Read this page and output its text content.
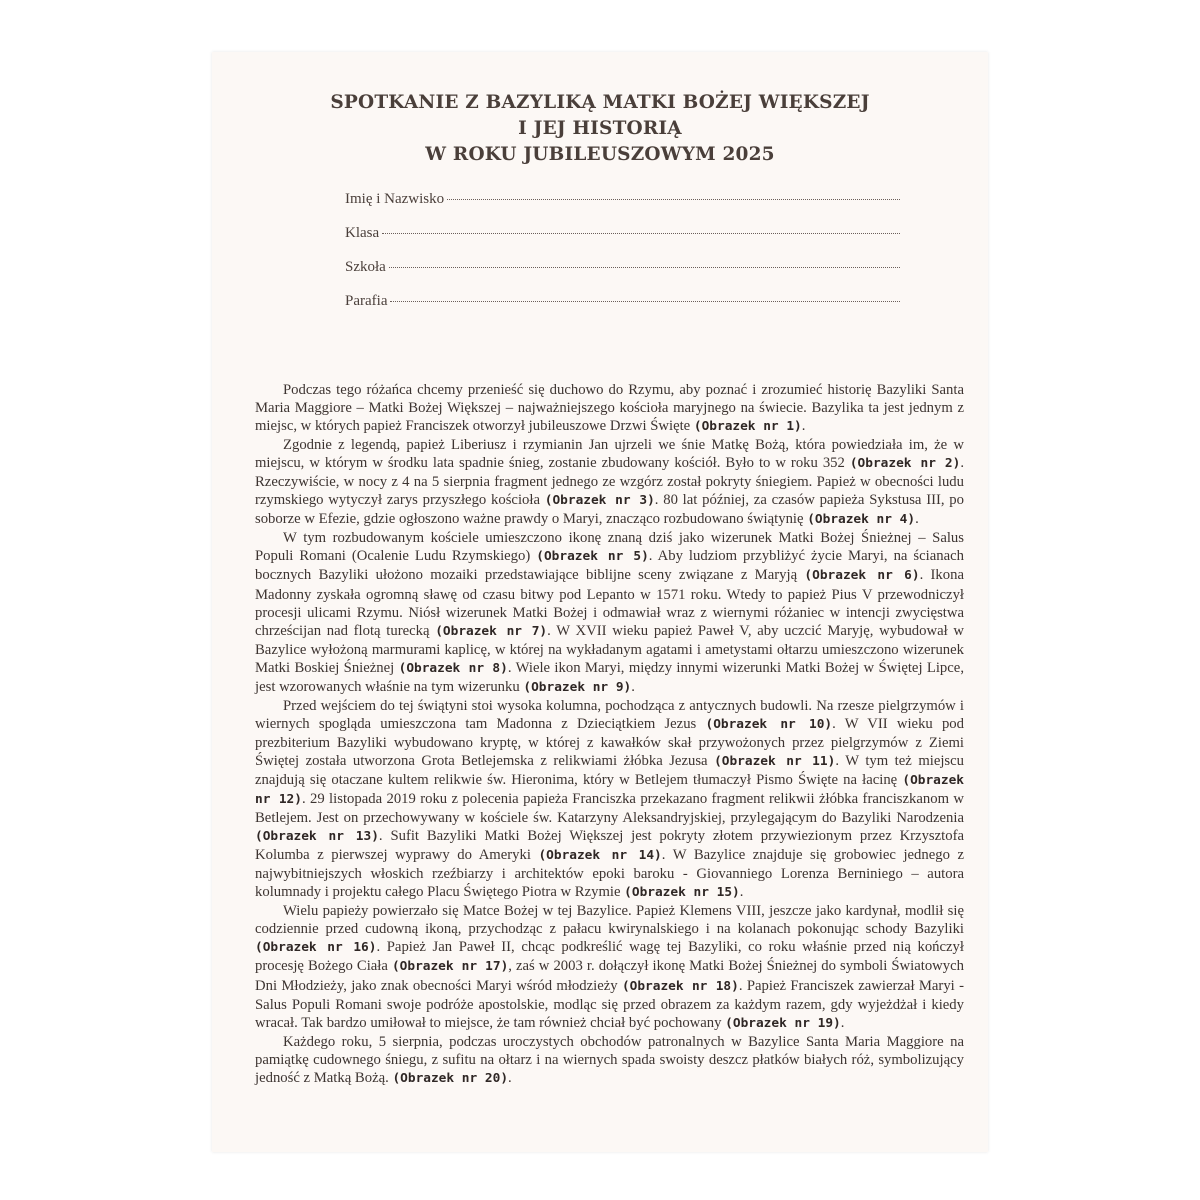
SPOTKANIE Z BAZYLIKĄ MATKI BOŻEJ WIĘKSZEJ
I JEJ HISTORIĄ
W ROKU JUBILEUSZOWYM 2025
Imię i Nazwisko
Klasa
Szkoła
Parafia

Podczas tego różańca chcemy przenieść się duchowo do Rzymu, aby poznać i zrozumieć historię Bazyliki Santa Maria Maggiore – Matki Bożej Większej – najważniejszego kościoła maryjnego na świecie. Bazylika ta jest jednym z miejsc, w których papież Franciszek otworzył jubileuszowe Drzwi Święte (Obrazek nr 1).

Zgodnie z legendą, papież Liberiusz i rzymianin Jan ujrzeli we śnie Matkę Bożą, która powiedziała im, że w miejscu, w którym w środku lata spadnie śnieg, zostanie zbudowany kościół. Było to w roku 352 (Obrazek nr 2). Rzeczywiście, w nocy z 4 na 5 sierpnia fragment jednego ze wzgórz został pokryty śniegiem. Papież w obecności ludu rzymskiego wytyczył zarys przyszłego kościoła (Obrazek nr 3). 80 lat później, za czasów papieża Sykstusa III, po soborze w Efezie, gdzie ogłoszono ważne prawdy o Maryi, znacząco rozbudowano świątynię (Obrazek nr 4).

W tym rozbudowanym kościele umieszczono ikonę znaną dziś jako wizerunek Matki Bożej Śnieżnej – Salus Populi Romani (Ocalenie Ludu Rzymskiego) (Obrazek nr 5). Aby ludziom przybliżyć życie Maryi, na ścianach bocznych Bazyliki ułożono mozaiki przedstawiające biblijne sceny związane z Maryją (Obrazek nr 6). Ikona Madonny zyskała ogromną sławę od czasu bitwy pod Lepanto w 1571 roku. Wtedy to papież Pius V przewodniczył procesji ulicami Rzymu. Niósł wizerunek Matki Bożej i odmawiał wraz z wiernymi różaniec w intencji zwycięstwa chrześcijan nad flotą turecką (Obrazek nr 7). W XVII wieku papież Paweł V, aby uczcić Maryję, wybudował w Bazylice wyłożoną marmurami kaplicę, w której na wykładanym agatami i ametystami ołtarzu umieszczono wizerunek Matki Boskiej Śnieżnej (Obrazek nr 8). Wiele ikon Maryi, między innymi wizerunki Matki Bożej w Świętej Lipce, jest wzorowanych właśnie na tym wizerunku (Obrazek nr 9).

Przed wejściem do tej świątyni stoi wysoka kolumna, pochodząca z antycznych budowli. Na rzesze pielgrzymów i wiernych spogląda umieszczona tam Madonna z Dzieciątkiem Jezus (Obrazek nr 10). W VII wieku pod prezbiterium Bazyliki wybudowano kryptę, w której z kawałków skał przywożonych przez pielgrzymów z Ziemi Świętej została utworzona Grota Betlejemska z relikwiami żłóbka Jezusa (Obrazek nr 11). W tym też miejscu znajdują się otaczane kultem relikwie św. Hieronima, który w Betlejem tłumaczył Pismo Święte na łacinę (Obrazek nr 12). 29 listopada 2019 roku z polecenia papieża Franciszka przekazano fragment relikwii żłóbka franciszkanom w Betlejem. Jest on przechowywany w kościele św. Katarzyny Aleksandryjskiej, przylegającym do Bazyliki Narodzenia (Obrazek nr 13). Sufit Bazyliki Matki Bożej Większej jest pokryty złotem przywiezionym przez Krzysztofa Kolumba z pierwszej wyprawy do Ameryki (Obrazek nr 14). W Bazylice znajduje się grobowiec jednego z najwybitniejszych włoskich rzeźbiarzy i architektów epoki baroku - Giovanniego Lorenza Berniniego – autora kolumnady i projektu całego Placu Świętego Piotra w Rzymie (Obrazek nr 15).

Wielu papieży powierzało się Matce Bożej w tej Bazylice. Papież Klemens VIII, jeszcze jako kardynał, modlił się codziennie przed cudowną ikoną, przychodząc z pałacu kwirynalskiego i na kolanach pokonując schody Bazyliki (Obrazek nr 16). Papież Jan Paweł II, chcąc podkreślić wagę tej Bazyliki, co roku właśnie przed nią kończył procesję Bożego Ciała (Obrazek nr 17), zaś w 2003 r. dołączył ikonę Matki Bożej Śnieżnej do symboli Światowych Dni Młodzieży, jako znak obecności Maryi wśród młodzieży (Obrazek nr 18). Papież Franciszek zawierzał Maryi - Salus Populi Romani swoje podróże apostolskie, modląc się przed obrazem za każdym razem, gdy wyjeżdżał i kiedy wracał. Tak bardzo umiłował to miejsce, że tam również chciał być pochowany (Obrazek nr 19).

Każdego roku, 5 sierpnia, podczas uroczystych obchodów patronalnych w Bazylice Santa Maria Maggiore na pamiątkę cudownego śniegu, z sufitu na ołtarz i na wiernych spada swoisty deszcz płatków białych róż, symbolizujący jedność z Matką Bożą. (Obrazek nr 20).
